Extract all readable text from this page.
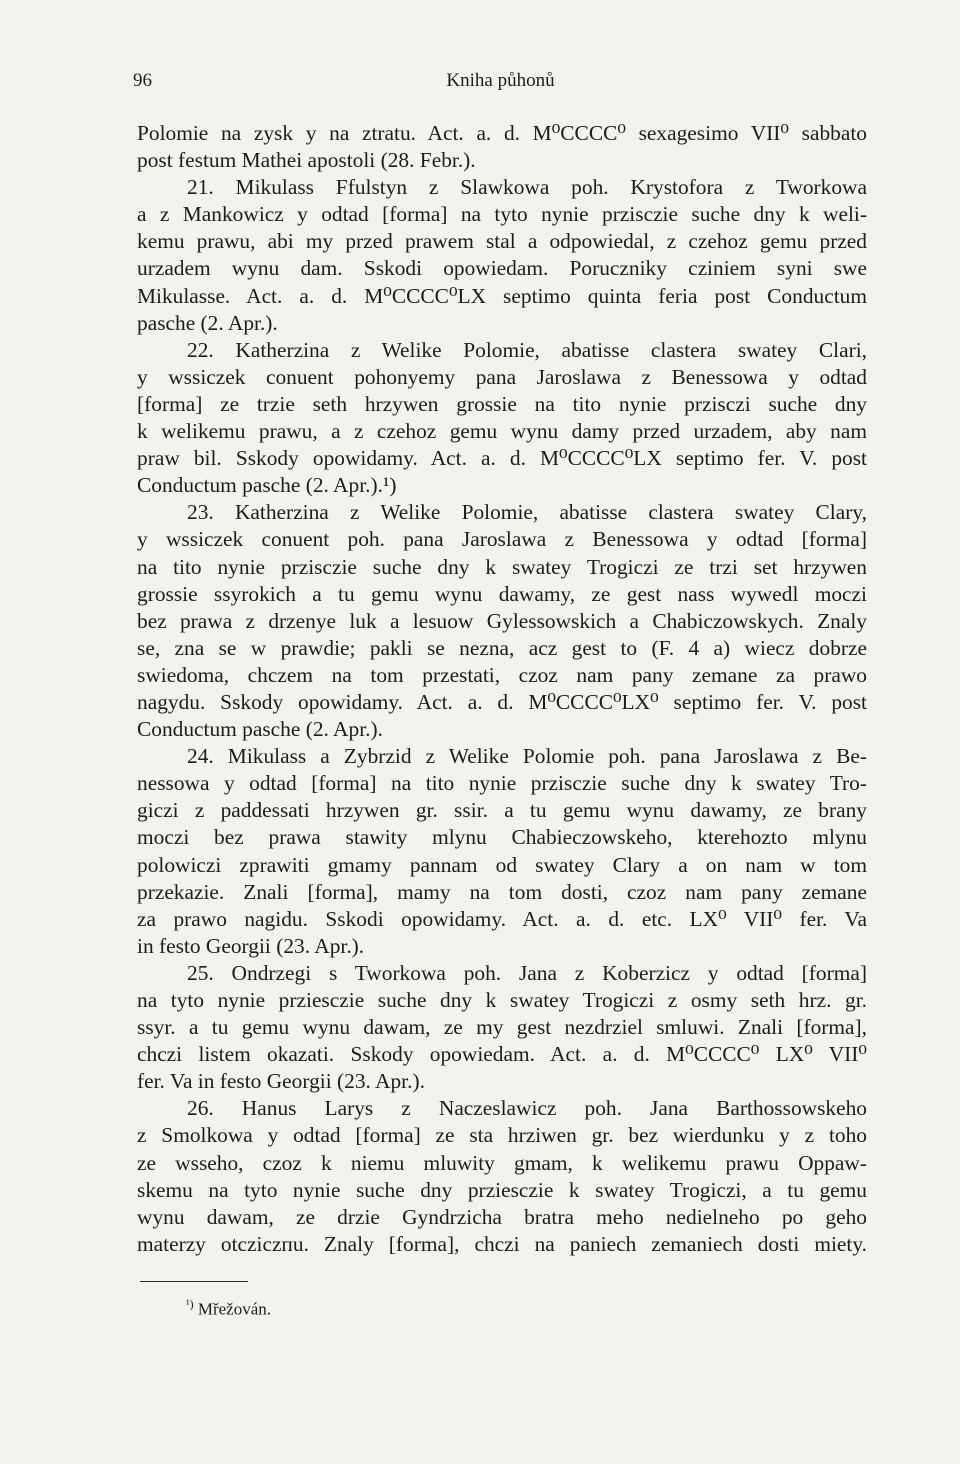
96	Kniha půhonů

Polomie na zysk y na ztratu. Act. a. d. M⁰CCCC⁰ sexagesimo VII⁰ sabbato

post festum Mathei apostoli (28. Febr.).

21. Mikulass Ffulstyn z Slawkowa poh. Krystofora z Tworkowa

a z Mankowicz y odtad [forma] na tyto nynie przisczie suche dny k weli-

kemu prawu, abi my przed prawem stal a odpowiedal, z czehoz gemu przed

urzadem wynu dam. Sskodi opowiedam. Porucznikу cziniem syni swe

Mikulasse. Act. a. d. M⁰CCCC⁰LX septimo quinta feria post Conductum

pasche (2. Apr.).

22. Katherzina z Welike Polomie, abatisse clastera swatey Clari,

y wssiczek conuent pohonyemy pana Jaroslawa z Benessowa y odtad

[forma] ze trzie seth hrzywen grossie na tito nynie przisczi suche dny

k welikemu prawu, a z czehoz gemu wynu damy przed urzadem, aby nam

praw bil. Sskody opowidamy. Act. a. d. M⁰CCCC⁰LX septimo fer. V. post

Conductum pasche (2. Apr.).¹)

23. Katherzina z Welike Polomie, abatisse clastera swatey Clary,

y wssiczek conuent poh. pana Jaroslawa z Benessowa y odtad [forma]

na tito nynie przisczie suche dny k swatey Trogiczi ze trzi set hrzywen

grossie ssyrokich a tu gemu wynu dawamy, ze gest nass wywedl moczi

bez prawa z drzenye luk a lesuow Gylessowskich a Chabiczowskych. Znaly

se, zna se w prawdie; pakli se nezna, acz gest to (F. 4 a) wiecz dobrze

swiedoma, chczem na tom przestati, czoz nam pany zemane za prawo

nagydu. Sskody opowidamy. Act. a. d. M⁰CCCC⁰LX⁰ septimo fer. V. post

Conductum pasche (2. Apr.).

24. Mikulass a Zybrzid z Welike Polomie poh. pana Jaroslawa z Be-

nessowa y odtad [forma] na tito nynie przisczie suche dny k swatey Tro-

giczi z paddessati hrzywen gr. ssir. a tu gemu wynu dawamy, ze brany

moczi bez prawa stawity mlynu Chabieczowskeho, kterehozto mlynu

polowiczi zprawiti gmamy pannam od swatey Clary a on nam w tom

przekazie. Znali [forma], mamy na tom dosti, czoz nam pany zemane

za prawo nagidu. Sskodi opowidamy. Act. a. d. etc. LX⁰ VII⁰ fer. Va

in festo Georgii (23. Apr.).

25. Ondrzegi s Tworkowa poh. Jana z Koberzicz y odtad [forma]

na tyto nynie prziesczie suche dny k swatey Trogiczi z osmy seth hrz. gr.

ssyr. a tu gemu wynu dawam, ze my gest nezdrziel smluwi. Znali [forma],

chczi listem okazati. Sskody opowiedam. Act. a. d. M⁰CCCC⁰ LX⁰ VII⁰

fer. Va in festo Georgii (23. Apr.).

26. Hanus Larys z Naczeslawicz poh. Jana Barthossowskeho

z Smolkowa y odtad [forma] ze sta hrziwen gr. bez wierdunku y z toho

ze wsseho, czoz k niemu mluwity gmam, k welikemu prawu Oppaw-

skemu na tyto nynie suche dny prziesczie k swatey Trogiczi, a tu gemu

wynu dawam, ze drzie Gyndrzicha bratra meho nedielneho po geho

materzy otcziczпu. Znaly [forma], chczi na paniech zemaniech dosti miety.

$^{^1)}$ Mřežován.
